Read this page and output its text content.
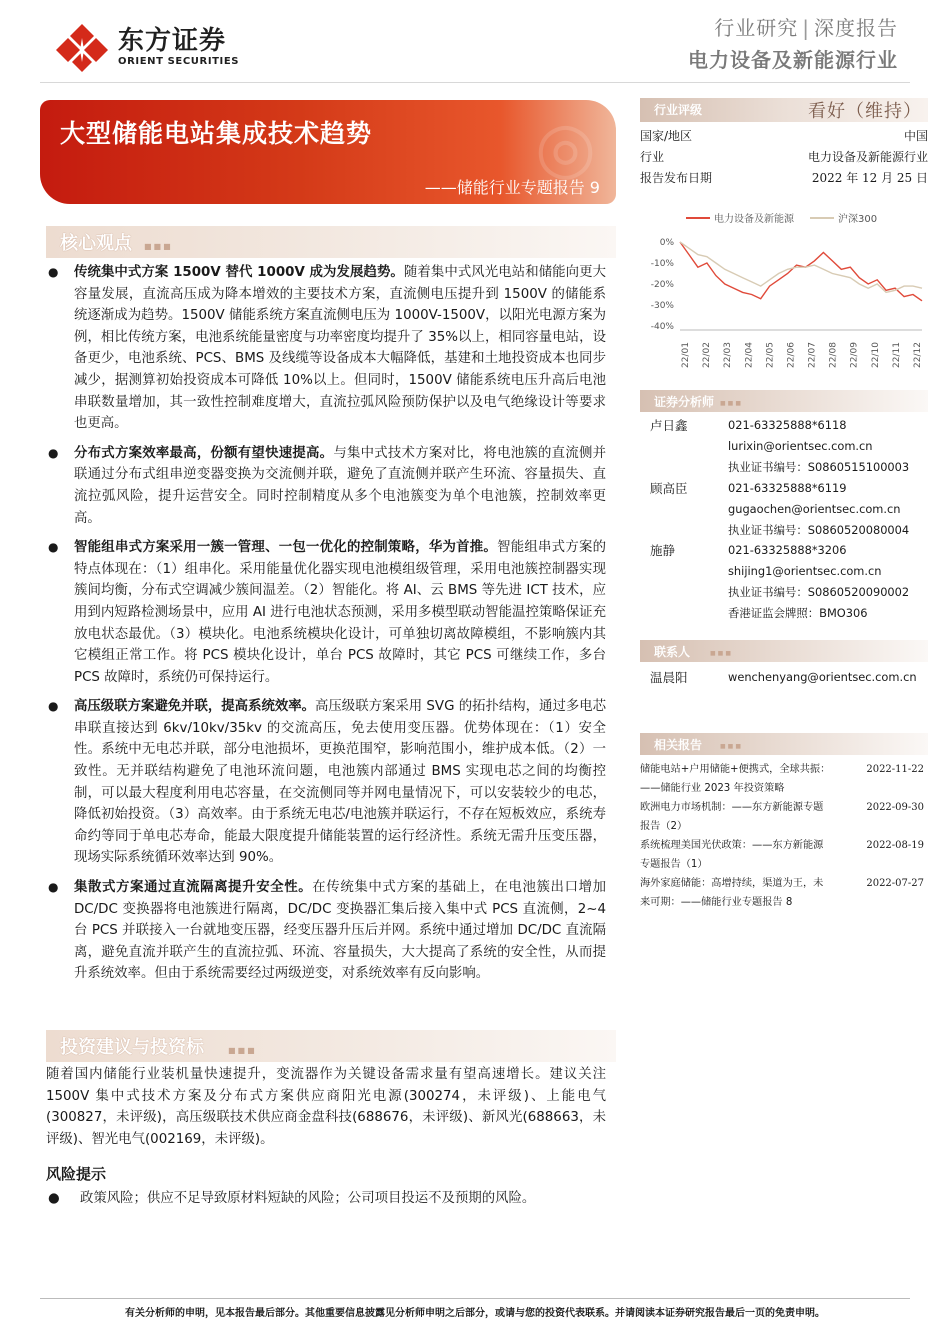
东方证券
ORIENT SECURITIES
行业研究 | 深度报告
电力设备及新能源行业
◎
大型储能电站集成技术趋势
——储能行业专题报告 9
核心观点 ■■■
● 传统集中式方案 1500V 替代 1000V 成为发展趋势。随着集中式风光电站和储能向更大容量发展，直流高压成为降本增效的主要技术方案，直流侧电压提升到 1500V 的储能系统逐渐成为趋势。1500V 储能系统方案直流侧电压为 1000V-1500V，以阳光电源方案为例，相比传统方案，电池系统能量密度与功率密度均提升了 35%以上，相同容量电站，设备更少，电池系统、PCS、BMS 及线缆等设备成本大幅降低，基建和土地投资成本也同步减少，据测算初始投资成本可降低 10%以上。但同时，1500V 储能系统电压升高后电池串联数量增加，其一致性控制难度增大，直流拉弧风险预防保护以及电气绝缘设计等要求也更高。
● 分布式方案效率最高，份额有望快速提高。与集中式技术方案对比，将电池簇的直流侧并联通过分布式组串逆变器变换为交流侧并联，避免了直流侧并联产生环流、容量损失、直流拉弧风险，提升运营安全。同时控制精度从多个电池簇变为单个电池簇，控制效率更高。
● 智能组串式方案采用一簇一管理、一包一优化的控制策略，华为首推。智能组串式方案的特点体现在：（1）组串化。采用能量优化器实现电池模组级管理，采用电池簇控制器实现簇间均衡，分布式空调减少簇间温差。（2）智能化。将 AI、云 BMS 等先进 ICT 技术，应用到内短路检测场景中，应用 AI 进行电池状态预测，采用多模型联动智能温控策略保证充放电状态最优。（3）模块化。电池系统模块化设计，可单独切离故障模组，不影响簇内其它模组正常工作。将 PCS 模块化设计，单台 PCS 故障时，其它 PCS 可继续工作，多台 PCS 故障时，系统仍可保持运行。
● 高压级联方案避免并联，提高系统效率。高压级联方案采用 SVG 的拓扑结构，通过多电芯串联直接达到 6kv/10kv/35kv 的交流高压，免去使用变压器。优势体现在：（1）安全性。系统中无电芯并联，部分电池损坏，更换范围窄，影响范围小，维护成本低。（2）一致性。无并联结构避免了电池环流问题，电池簇内部通过 BMS 实现电芯之间的均衡控制，可以最大程度利用电芯容量，在交流侧同等并网电量情况下，可以安装较少的电芯，降低初始投资。（3）高效率。由于系统无电芯/电池簇并联运行，不存在短板效应，系统寿命约等同于单电芯寿命，能最大限度提升储能装置的运行经济性。系统无需升压变压器，现场实际系统循环效率达到 90%。
● 集散式方案通过直流隔离提升安全性。在传统集中式方案的基础上，在电池簇出口增加 DC/DC 变换器将电池簇进行隔离，DC/DC 变换器汇集后接入集中式 PCS 直流侧，2~4 台 PCS 并联接入一台就地变压器，经变压器升压后并网。系统中通过增加 DC/DC 直流隔离，避免直流并联产生的直流拉弧、环流、容量损失，大大提高了系统的安全性，从而提升系统效率。但由于系统需要经过两级逆变，对系统效率有反向影响。
投资建议与投资标	■■■
随着国内储能行业装机量快速提升，变流器作为关键设备需求量有望高速增长。建议关注 1500V 集中式技术方案及分布式方案供应商阳光电源(300274，未评级)、上能电气(300827，未评级)，高压级联技术供应商金盘科技(688676，未评级)、新风光(688663，未评级)、智光电气(002169，未评级)。
风险提示
● 政策风险；供应不足导致原材料短缺的风险；公司项目投运不及预期的风险。
行业评级	看好（维持）
国家/地区	中国
行业	电力设备及新能源行业
报告发布日期	2022 年 12 月 25 日
电力设备及新能源	沪深300
0%
-10%
-20%
-30%
-40%
22/01 22/02 22/03 22/04 22/05 22/06 22/07 22/08 22/09 22/10 22/11 22/12
证券分析师 ■■■
卢日鑫	021-63325888*6118
lurixin@orientsec.com.cn
执业证书编号：S0860515100003
顾高臣	021-63325888*6119
gugaochen@orientsec.com.cn
执业证书编号：S0860520080004
施静	021-63325888*3206
shijing1@orientsec.com.cn
执业证书编号：S0860520090002
香港证监会牌照：BMO306
联系人	■■■
温晨阳	wenchenyang@orientsec.com.cn
相关报告	■■■
储能电站+户用储能+便携式，全球共振：
——储能行业 2023 年投资策略
2022-11-22
欧洲电力市场机制：——东方新能源专题
报告（2）
2022-09-30
系统梳理美国光伏政策：——东方新能源
专题报告（1）
2022-08-19
海外家庭储能：高增持续，渠道为王，未
来可期：——储能行业专题报告 8
2022-07-27
有关分析师的申明，见本报告最后部分。其他重要信息披露见分析师申明之后部分，或请与您的投资代表联系。并请阅读本证券研究报告最后一页的免责申明。
